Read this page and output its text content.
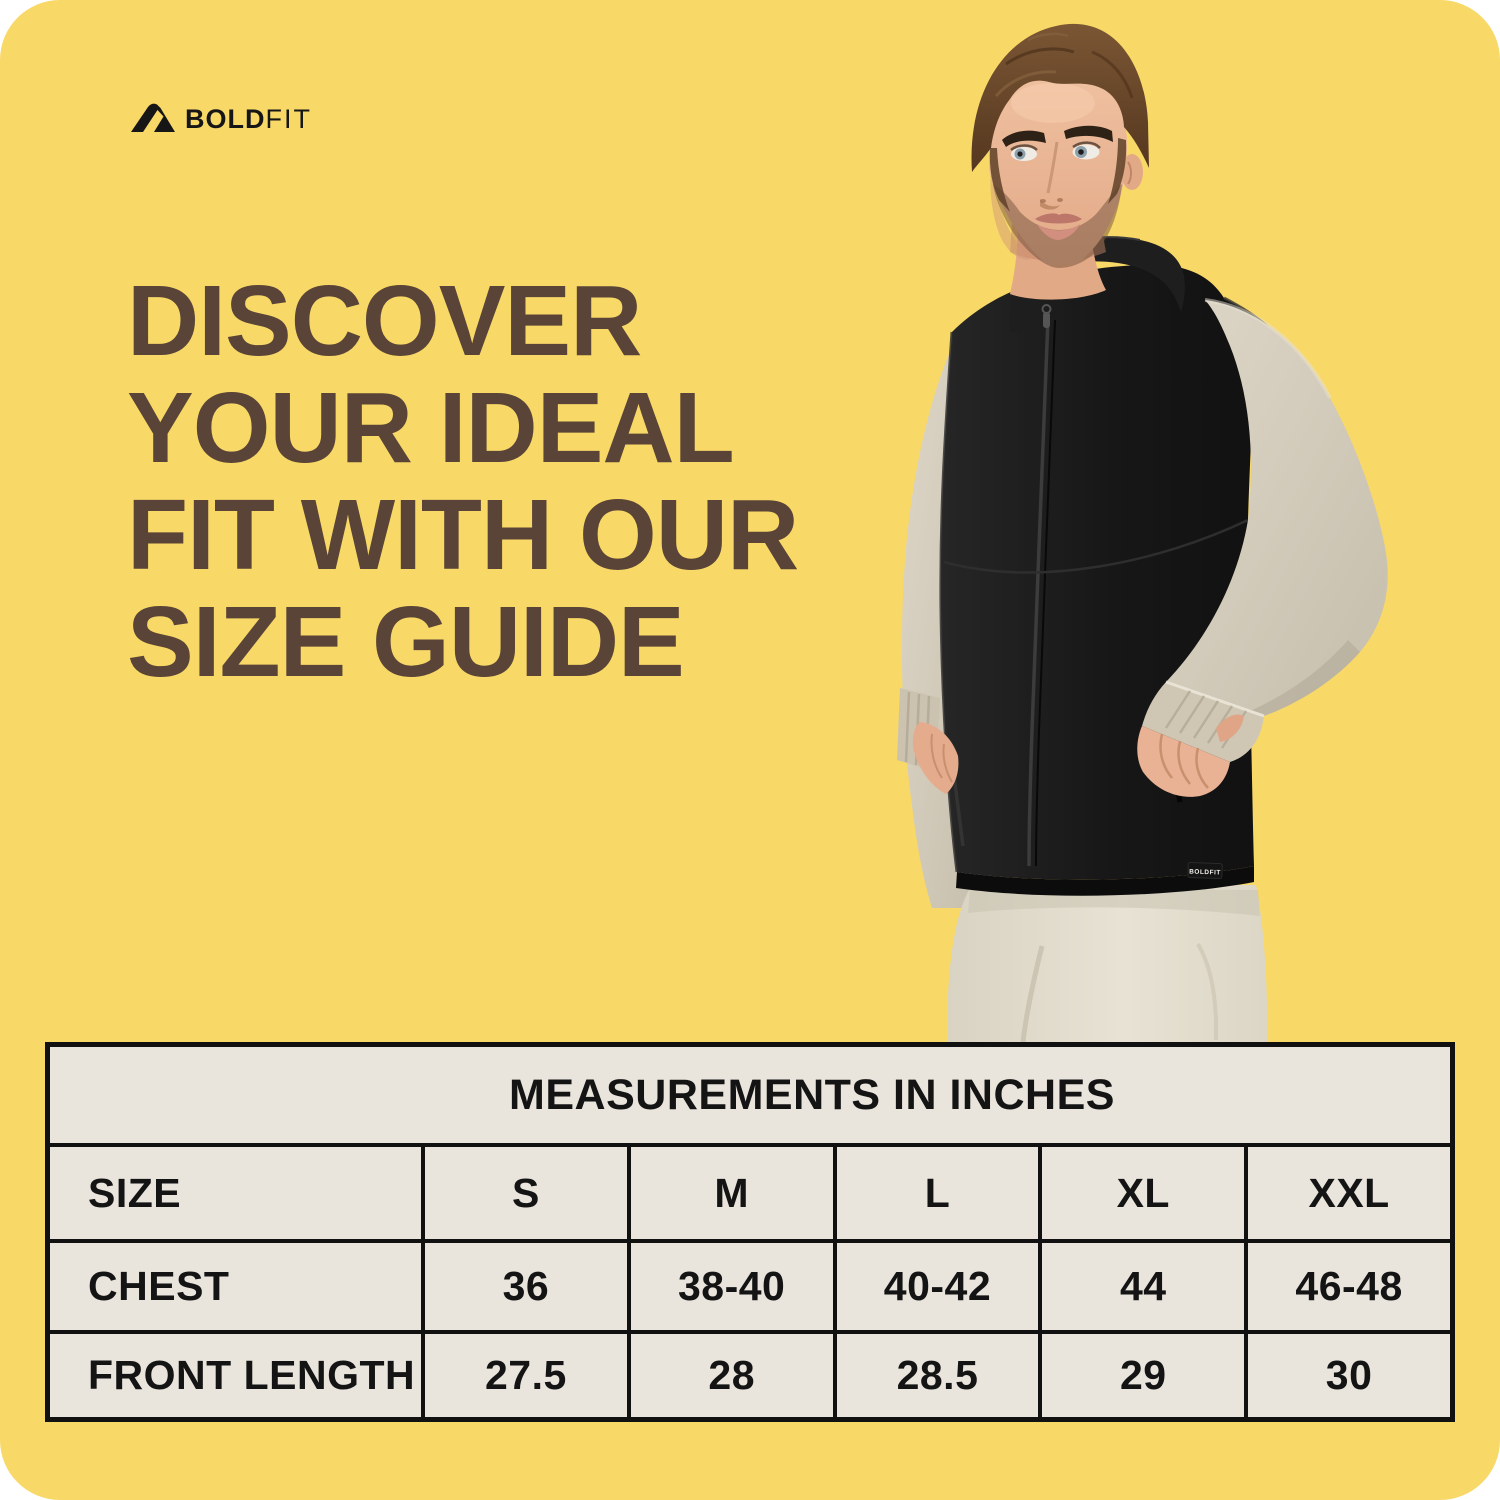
BOLDFIT
DISCOVER
YOUR IDEAL
FIT WITH OUR
SIZE GUIDE
BOLDFIT
MEASUREMENTS IN INCHES
SIZE	S	M	L	XL	XXL
CHEST	36	38-40	40-42	44	46-48
FRONT LENGTH	27.5	28	28.5	29	30
